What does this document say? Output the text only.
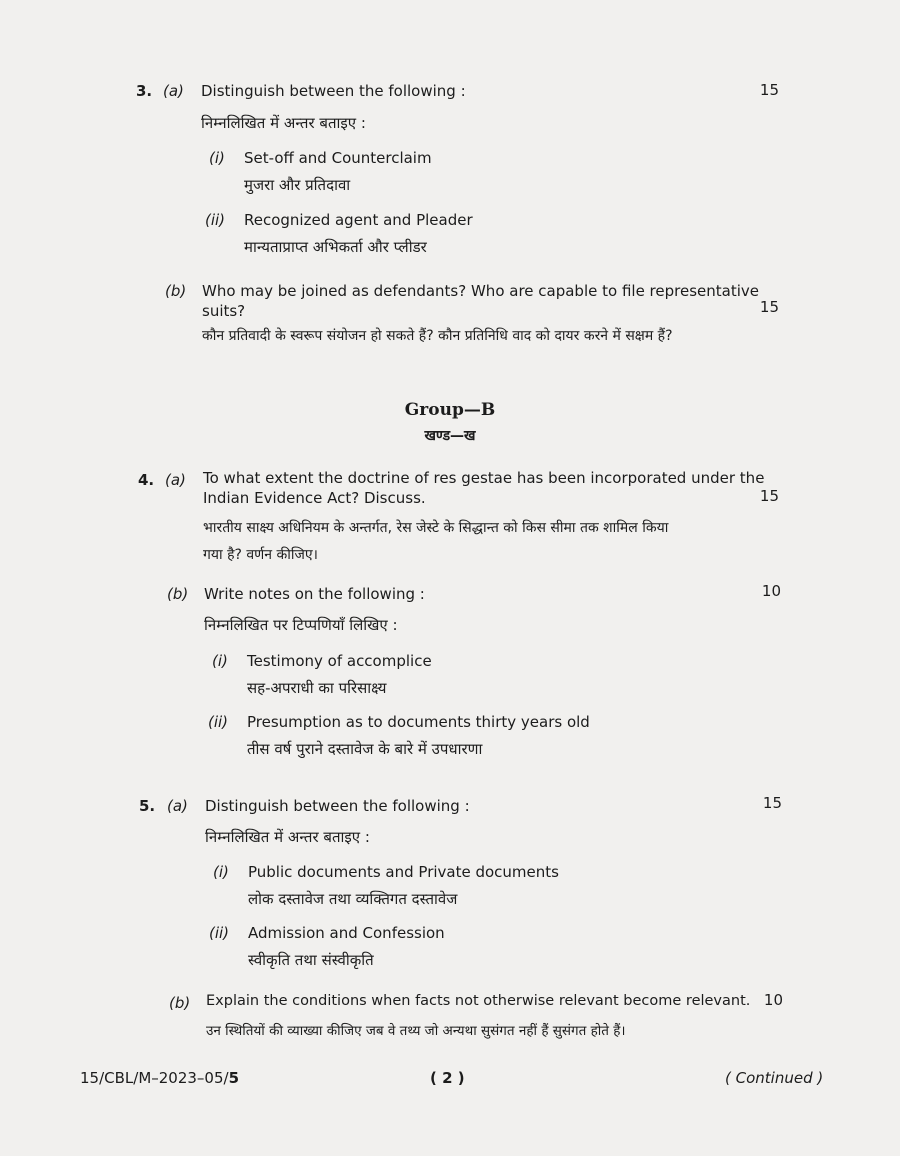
3. (a) Distinguish between the following :	15
निम्नलिखित में अन्तर बताइए :
(i) Set-off and Counterclaim
मुजरा और प्रतिदावा
(ii) Recognized agent and Pleader
मान्यताप्राप्त अभिकर्ता और प्लीडर
(b) Who may be joined as defendants? Who are capable to file representative
suits?	15
कौन प्रतिवादी के स्वरूप संयोजन हो सकते हैं? कौन प्रतिनिधि वाद को दायर करने में सक्षम हैं?
Group—B
खण्ड—ख
4. (a) To what extent the doctrine of res gestae has been incorporated under the
Indian Evidence Act? Discuss.	15
भारतीय साक्ष्य अधिनियम के अन्तर्गत, रेस जेस्टे के सिद्धान्त को किस सीमा तक शामिल किया
गया है? वर्णन कीजिए।
(b) Write notes on the following :	10
निम्नलिखित पर टिप्पणियाँ लिखिए :
(i) Testimony of accomplice
सह-अपराधी का परिसाक्ष्य
(ii) Presumption as to documents thirty years old
तीस वर्ष पुराने दस्तावेज के बारे में उपधारणा
5. (a) Distinguish between the following :	15
निम्नलिखित में अन्तर बताइए :
(i) Public documents and Private documents
लोक दस्तावेज तथा व्यक्तिगत दस्तावेज
(ii) Admission and Confession
स्वीकृति तथा संस्वीकृति
(b) Explain the conditions when facts not otherwise relevant become relevant. 10
उन स्थितियों की व्याख्या कीजिए जब वे तथ्य जो अन्यथा सुसंगत नहीं हैं सुसंगत होते हैं।
15/CBL/M–2023–05/5	( 2 )	( Continued )
